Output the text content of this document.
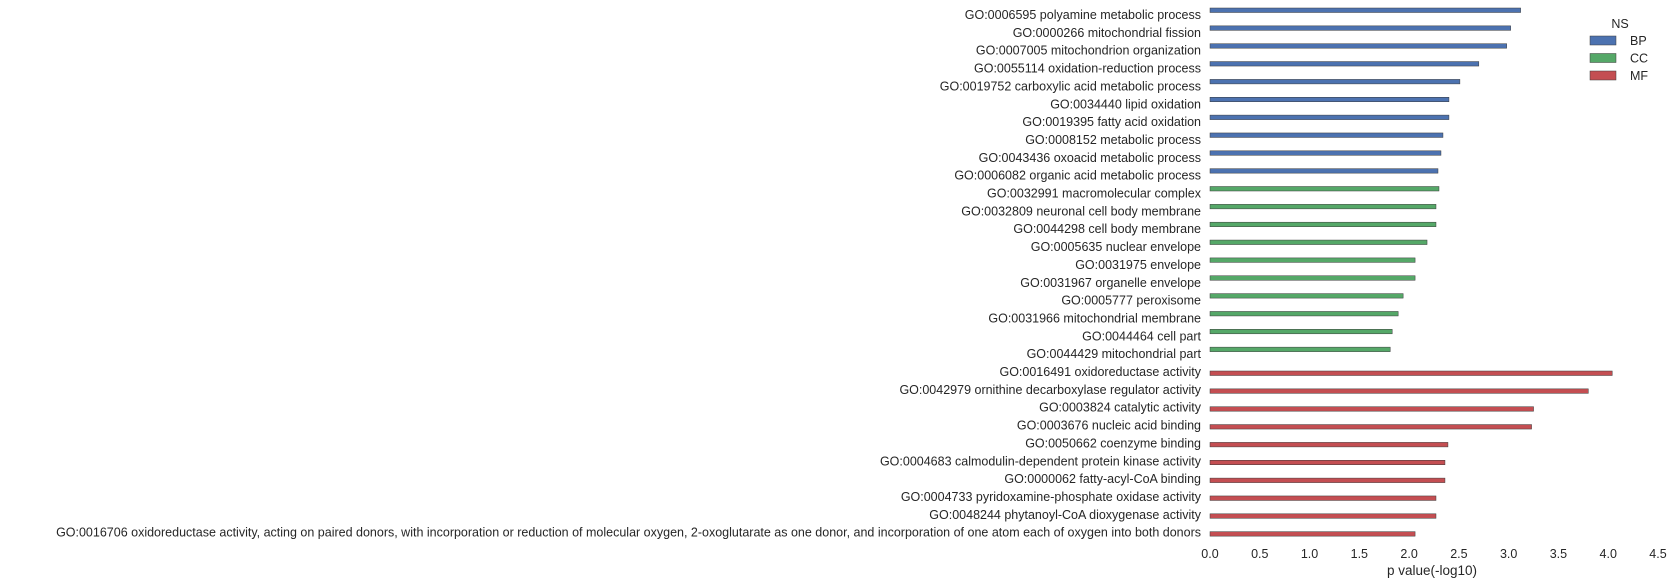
GO:0006595 polyamine metabolic process
GO:0000266 mitochondrial fission
GO:0007005 mitochondrion organization
GO:0055114 oxidation-reduction process
GO:0019752 carboxylic acid metabolic process
GO:0034440 lipid oxidation
GO:0019395 fatty acid oxidation
GO:0008152 metabolic process
GO:0043436 oxoacid metabolic process
GO:0006082 organic acid metabolic process
GO:0032991 macromolecular complex
GO:0032809 neuronal cell body membrane
GO:0044298 cell body membrane
GO:0005635 nuclear envelope
GO:0031975 envelope
GO:0031967 organelle envelope
GO:0005777 peroxisome
GO:0031966 mitochondrial membrane
GO:0044464 cell part
GO:0044429 mitochondrial part
GO:0016491 oxidoreductase activity
GO:0042979 ornithine decarboxylase regulator activity
GO:0003824 catalytic activity
GO:0003676 nucleic acid binding
GO:0050662 coenzyme binding
GO:0004683 calmodulin-dependent protein kinase activity
GO:0000062 fatty-acyl-CoA binding
GO:0004733 pyridoxamine-phosphate oxidase activity
GO:0048244 phytanoyl-CoA dioxygenase activity
GO:0016706 oxidoreductase activity, acting on paired donors, with incorporation or reduction of molecular oxygen, 2-oxoglutarate as one donor, and incorporation of one atom each of oxygen into both donors
0.0	0.5	1.0	1.5	2.0	2.5	3.0	3.5	4.0	4.5
p value(-log10)
NS
BP
CC
MF
